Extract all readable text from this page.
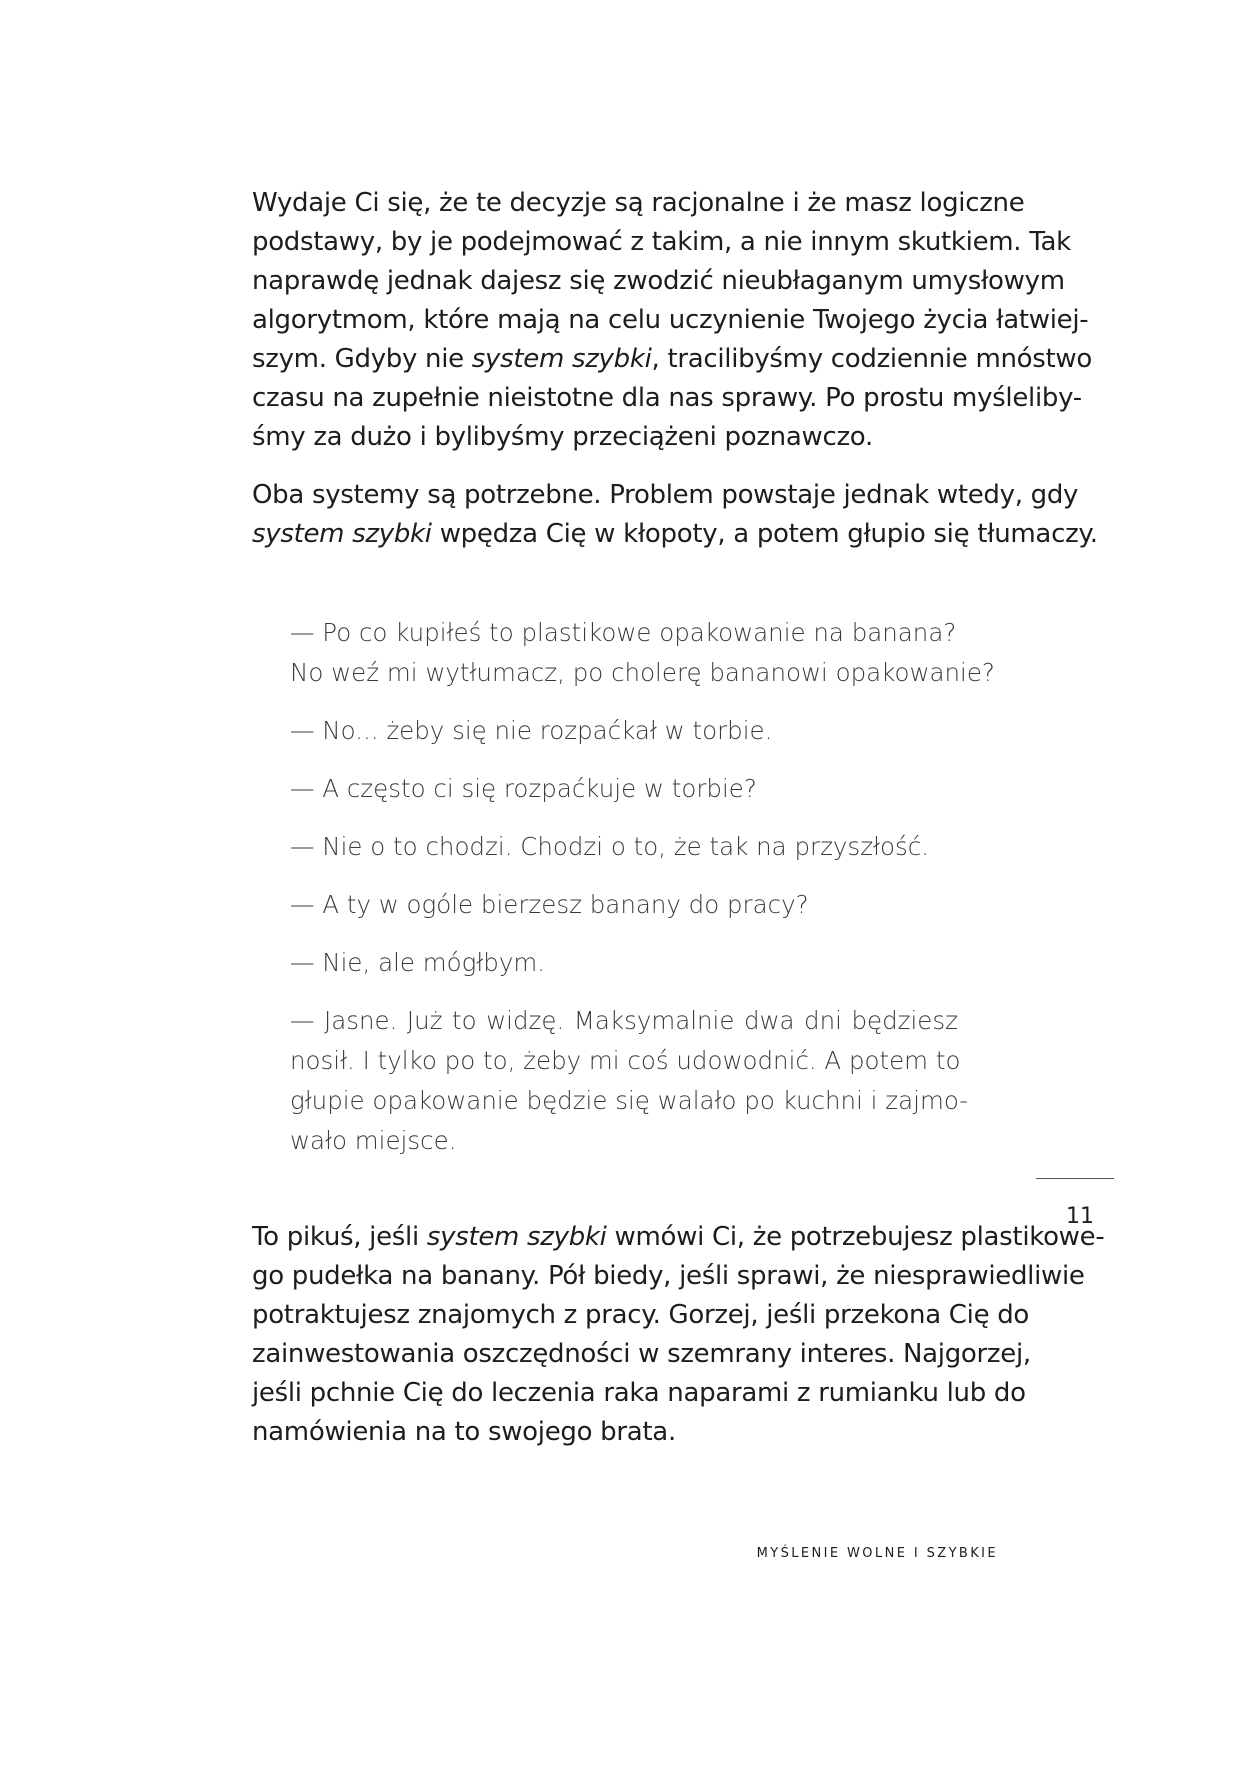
Wydaje Ci się, że te decyzje są racjonalne i że masz logiczne
podstawy, by je podejmować z takim, a nie innym skutkiem. Tak
naprawdę jednak dajesz się zwodzić nieubłaganym umysłowym
algorytmom, które mają na celu uczynienie Twojego życia łatwiej-
szym. Gdyby nie system szybki, tracilibyśmy codziennie mnóstwo
czasu na zupełnie nieistotne dla nas sprawy. Po prostu myśleliby-
śmy za dużo i bylibyśmy przeciążeni poznawczo.

Oba systemy są potrzebne. Problem powstaje jednak wtedy, gdy
system szybki wpędza Cię w kłopoty, a potem głupio się tłumaczy.

— Po co kupiłeś to plastikowe opakowanie na banana?
No weź mi wytłumacz, po cholerę bananowi opakowanie?
— No... żeby się nie rozpaćkał w torbie.
— A często ci się rozpaćkuje w torbie?
— Nie o to chodzi. Chodzi o to, że tak na przyszłość.
— A ty w ogóle bierzesz banany do pracy?
— Nie, ale mógłbym.
— Jasne. Już to widzę. Maksymalnie dwa dni będziesz
nosił. I tylko po to, żeby mi coś udowodnić. A potem to
głupie opakowanie będzie się walało po kuchni i zajmo-
wało miejsce.

To pikuś, jeśli system szybki wmówi Ci, że potrzebujesz plastikowe-
go pudełka na banany. Pół biedy, jeśli sprawi, że niesprawiedliwie
potraktujesz znajomych z pracy. Gorzej, jeśli przekona Cię do
zainwestowania oszczędności w szemrany interes. Najgorzej,
jeśli pchnie Cię do leczenia raka naparami z rumianku lub do
namówienia na to swojego brata.

11
MYŚLENIE WOLNE I SZYBKIE
